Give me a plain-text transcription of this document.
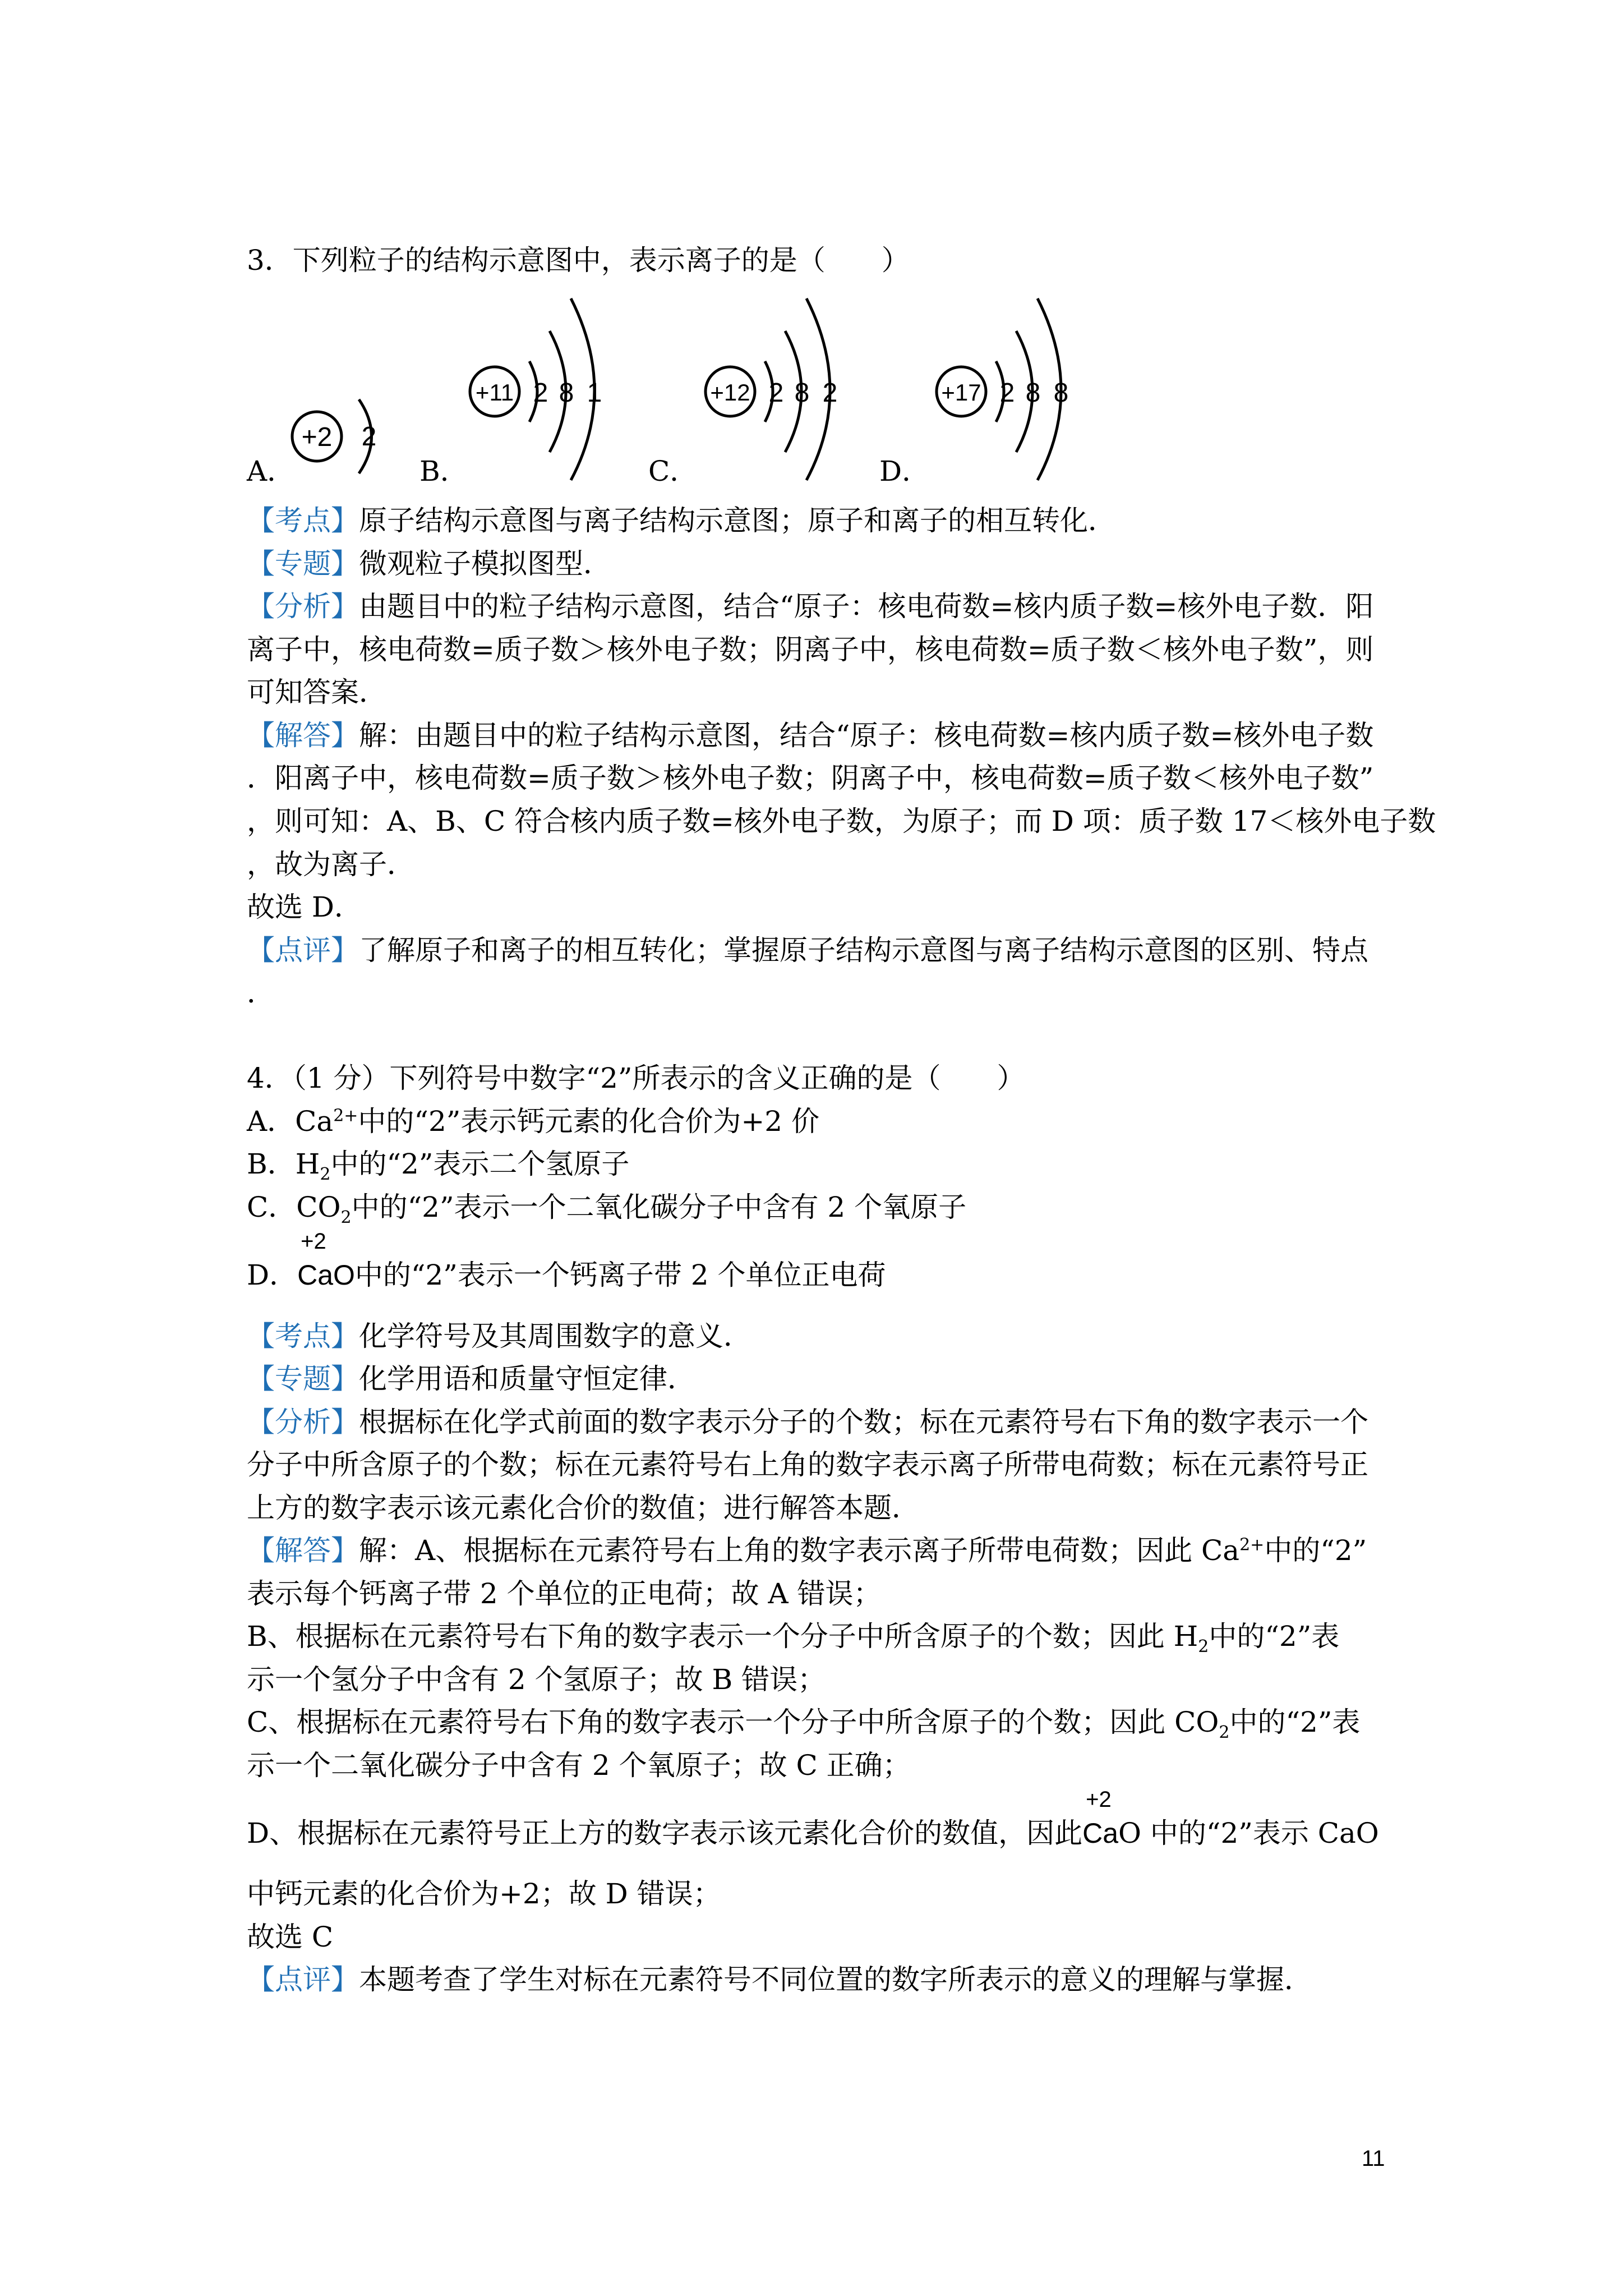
3．下列粒子的结构示意图中，表示离子的是（　　）
A．	B．	C．	D．
+2 2
+11 2 8 1	+12 2 8 2	+17 2 8 8
【考点】原子结构示意图与离子结构示意图；原子和离子的相互转化．
【专题】微观粒子模拟图型．
【分析】由题目中的粒子结构示意图，结合“原子：核电荷数=核内质子数=核外电子数．阳
离子中，核电荷数=质子数＞核外电子数；阴离子中，核电荷数=质子数＜核外电子数”，则
可知答案．
【解答】解：由题目中的粒子结构示意图，结合“原子：核电荷数=核内质子数=核外电子数
．阳离子中，核电荷数=质子数＞核外电子数；阴离子中，核电荷数=质子数＜核外电子数”
，则可知：A、B、C 符合核内质子数=核外电子数，为原子；而 D 项：质子数 17＜核外电子数
，故为离子．
故选 D．
【点评】了解原子和离子的相互转化；掌握原子结构示意图与离子结构示意图的区别、特点
．
4．（1 分）下列符号中数字“2”所表示的含义正确的是（　　）
A．$Ca^{2+}$中的“2”表示钙元素的化合价为+2 价
B．$H_2$中的“2”表示二个氢原子
C．$CO_2$中的“2”表示一个二氧化碳分子中含有 2 个氧原子
D．
+2
CaO中的“2”表示一个钙离子带 2 个单位正电荷
【考点】化学符号及其周围数字的意义．
【专题】化学用语和质量守恒定律．
【分析】根据标在化学式前面的数字表示分子的个数；标在元素符号右下角的数字表示一个
分子中所含原子的个数；标在元素符号右上角的数字表示离子所带电荷数；标在元素符号正
上方的数字表示该元素化合价的数值；进行解答本题．
【解答】解：A、根据标在元素符号右上角的数字表示离子所带电荷数；因此 $Ca^{2+}$中的“2”
表示每个钙离子带 2 个单位的正电荷；故 A 错误；
B、根据标在元素符号右下角的数字表示一个分子中所含原子的个数；因此 $H_2$中的“2”表
示一个氢分子中含有 2 个氢原子；故 B 错误；
C、根据标在元素符号右下角的数字表示一个分子中所含原子的个数；因此 $CO_2$中的“2”表
示一个二氧化碳分子中含有 2 个氧原子；故 C 正确；
D、根据标在元素符号正上方的数字表示该元素化合价的数值，因此
+2
CaO 中的“2”表示 CaO
中钙元素的化合价为+2；故 D 错误；
故选 C
【点评】本题考查了学生对标在元素符号不同位置的数字所表示的意义的理解与掌握．
11
